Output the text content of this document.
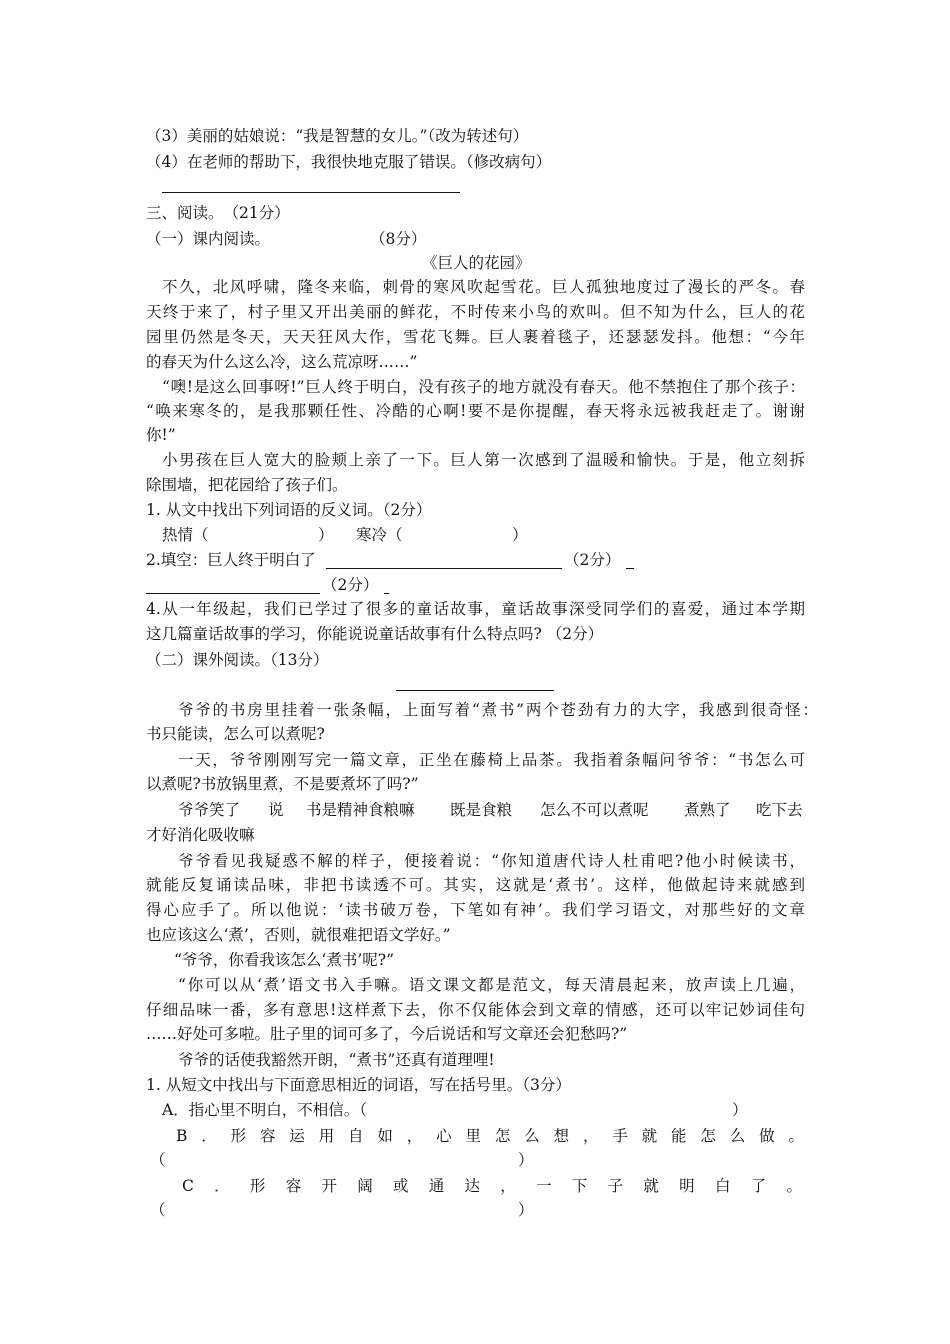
（3）美丽的姑娘说：“我是智慧的女儿。”（改为转述句）
（4）在老师的帮助下，我很快地克服了错误。（修改病句）
三、阅读。　（21分）
（一）课内阅读。	（8分）
《巨人的花园》
不久，北风呼啸，隆冬来临，刺骨的寒风吹起雪花。巨人孤独地度过了漫长的严冬。春
天终于来了，村子里又开出美丽的鲜花，不时传来小鸟的欢叫。但不知为什么，巨人的花
园里仍然是冬天，天天狂风大作，雪花飞舞。巨人裹着毯子，还瑟瑟发抖。他想：“今年
的春天为什么这么冷，这么荒凉呀……”
“噢!是这么回事呀!”巨人终于明白，没有孩子的地方就没有春天。他不禁抱住了那个孩子：
“唤来寒冬的，是我那颗任性、冷酷的心啊!要不是你提醒，春天将永远被我赶走了。谢谢
你!”
小男孩在巨人宽大的脸颊上亲了一下。巨人第一次感到了温暖和愉快。于是，他立刻拆
除围墙，把花园给了孩子们。
1. 从文中找出下列词语的反义词。（2分）
热情（	） 寒冷（	）
2.填空：巨人终于明白了	（2分）
（2分）
4.从一年级起，我们已学过了很多的童话故事，童话故事深受同学们的喜爱，通过本学期
这几篇童话故事的学习，你能说说童话故事有什么特点吗? （2分）
（二）课外阅读。（13分）
爷爷的书房里挂着一张条幅，上面写着“煮书”两个苍劲有力的大字，我感到很奇怪：
书只能读，怎么可以煮呢?
一天，爷爷刚刚写完一篇文章，正坐在藤椅上品茶。我指着条幅问爷爷：“书怎么可
以煮呢?书放锅里煮，不是要煮坏了吗?”
爷爷笑了 说 书是精神食粮嘛 既是食粮 怎么不可以煮呢 煮熟了 吃下去
才好消化吸收嘛
爷爷看见我疑惑不解的样子，便接着说：“你知道唐代诗人杜甫吧?他小时候读书，
就能反复诵读品味，非把书读透不可。其实，这就是‘煮书’。这样，他做起诗来就感到
得心应手了。所以他说：‘读书破万卷，下笔如有神’。我们学习语文，对那些好的文章
也应该这么‘煮’，否则，就很难把语文学好。”
“爷爷，你看我该怎么‘煮书’呢?”
“你可以从‘煮’语文书入手嘛。语文课文都是范文，每天清晨起来，放声读上几遍，
仔细品味一番，多有意思!这样煮下去，你不仅能体会到文章的情感，还可以牢记妙词佳句
……好处可多啦。肚子里的词可多了，今后说话和写文章还会犯愁吗?”
爷爷的话使我豁然开朗，“煮书”还真有道理哩!
1. 从短文中找出与下面意思相近的词语，写在括号里。（3分）
A．指心里不明白，不相信。（	）
B．形容运用自如，心里怎么想，手就能怎么做。
（	）
C．形容开阔或通达，一下子就明白了。
（	）
